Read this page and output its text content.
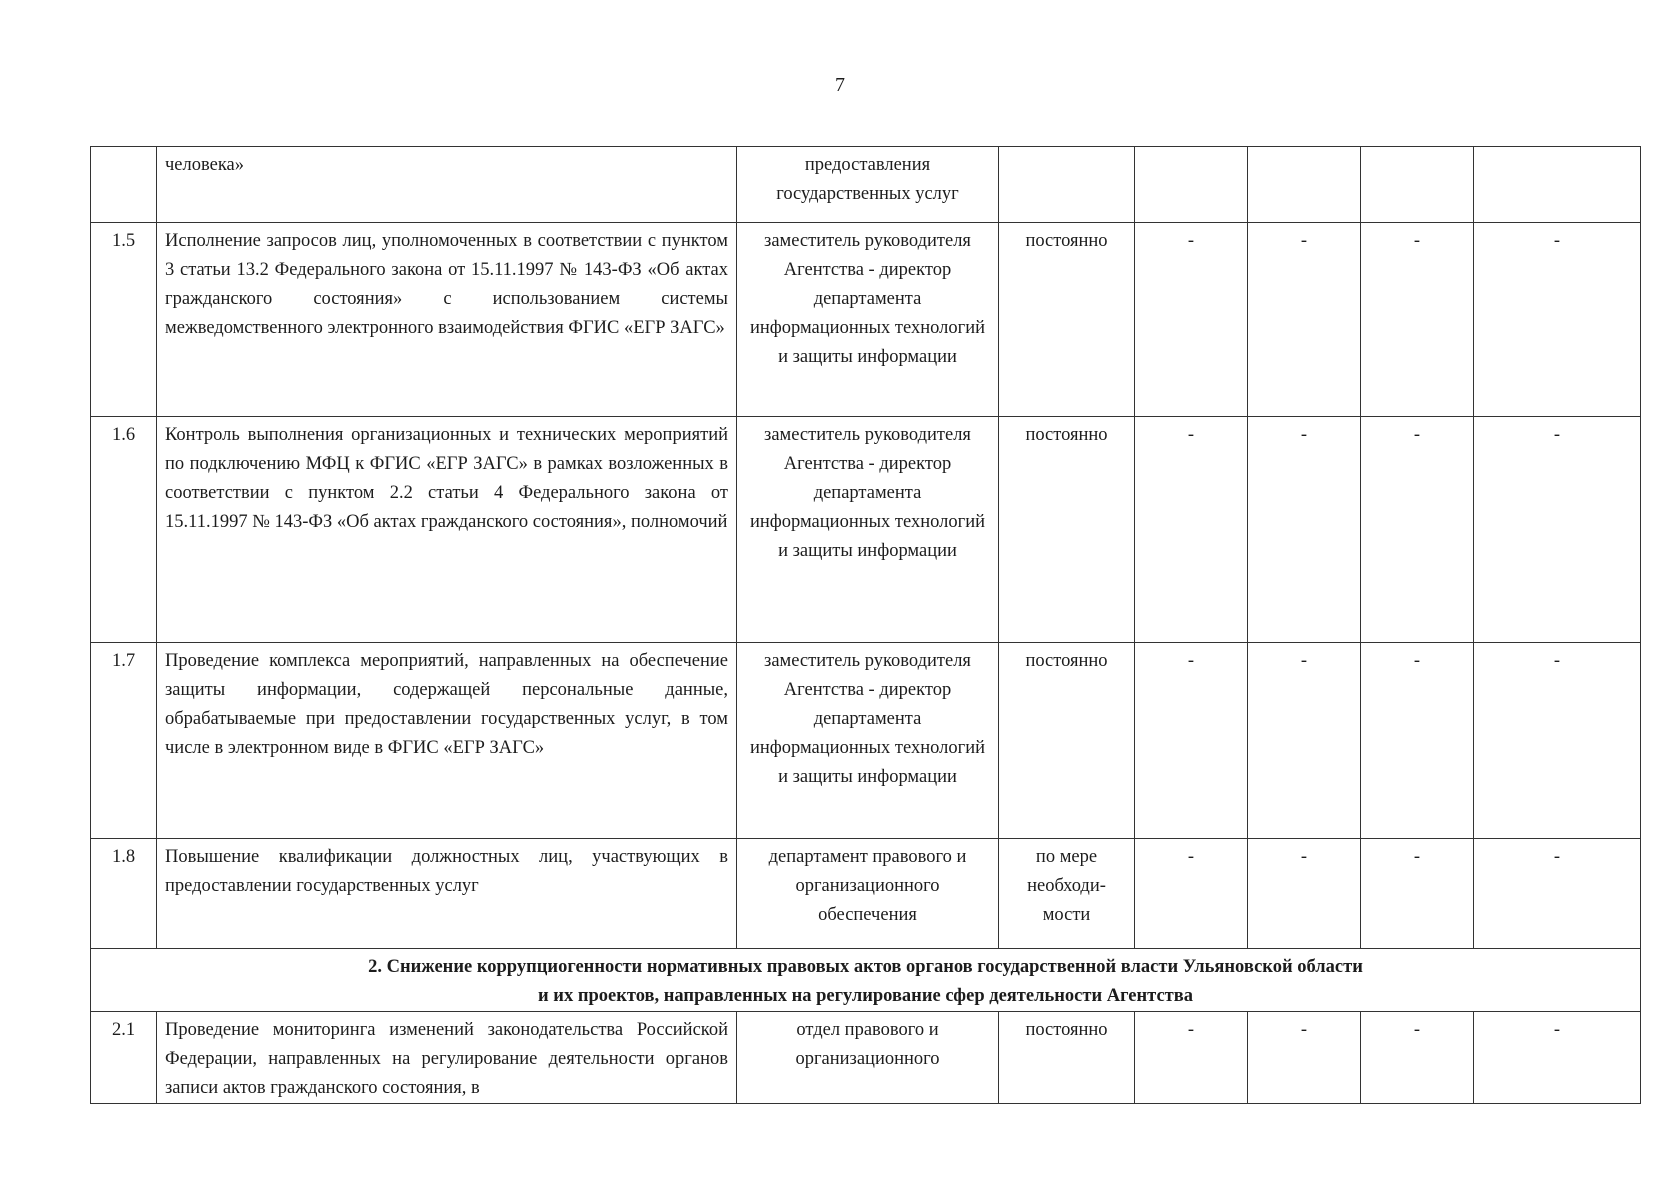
7
	человека»	предоставления государственных услуг					
1.5	Исполнение запросов лиц, уполномоченных в соответствии с пунктом 3 статьи 13.2 Федерального закона от 15.11.1997 № 143-ФЗ «Об актах гражданского состояния» с использованием системы межведомственного электронного взаимодействия ФГИС «ЕГР ЗАГС»	заместитель руководителя Агентства - директор департамента информационных технологий и защиты информации	постоянно	-	-	-	-
1.6	Контроль выполнения организационных и технических мероприятий по подключению МФЦ к ФГИС «ЕГР ЗАГС» в рамках возложенных в соответствии с пунктом 2.2 статьи 4 Федерального закона от 15.11.1997 № 143-ФЗ «Об актах гражданского состояния», полномочий	заместитель руководителя Агентства - директор департамента информационных технологий и защиты информации	постоянно	-	-	-	-
1.7	Проведение комплекса мероприятий, направленных на обеспечение защиты информации, содержащей персональные данные, обрабатываемые при предоставлении государственных услуг, в том числе в электронном виде в ФГИС «ЕГР ЗАГС»	заместитель руководителя Агентства - директор департамента информационных технологий и защиты информации	постоянно	-	-	-	-
1.8	Повышение квалификации должностных лиц, участвующих в предоставлении государственных услуг	департамент правового и организационного обеспечения	по мере необходи-мости	-	-	-	-

2. Снижение коррупциогенности нормативных правовых актов органов государственной власти Ульяновской области
и их проектов, направленных на регулирование сфер деятельности Агентства							

2.1	Проведение мониторинга изменений законодательства Российской Федерации, направленных на регулирование деятельности органов записи актов гражданского состояния, в	отдел правового и организационного	постоянно	-	-	-	-
